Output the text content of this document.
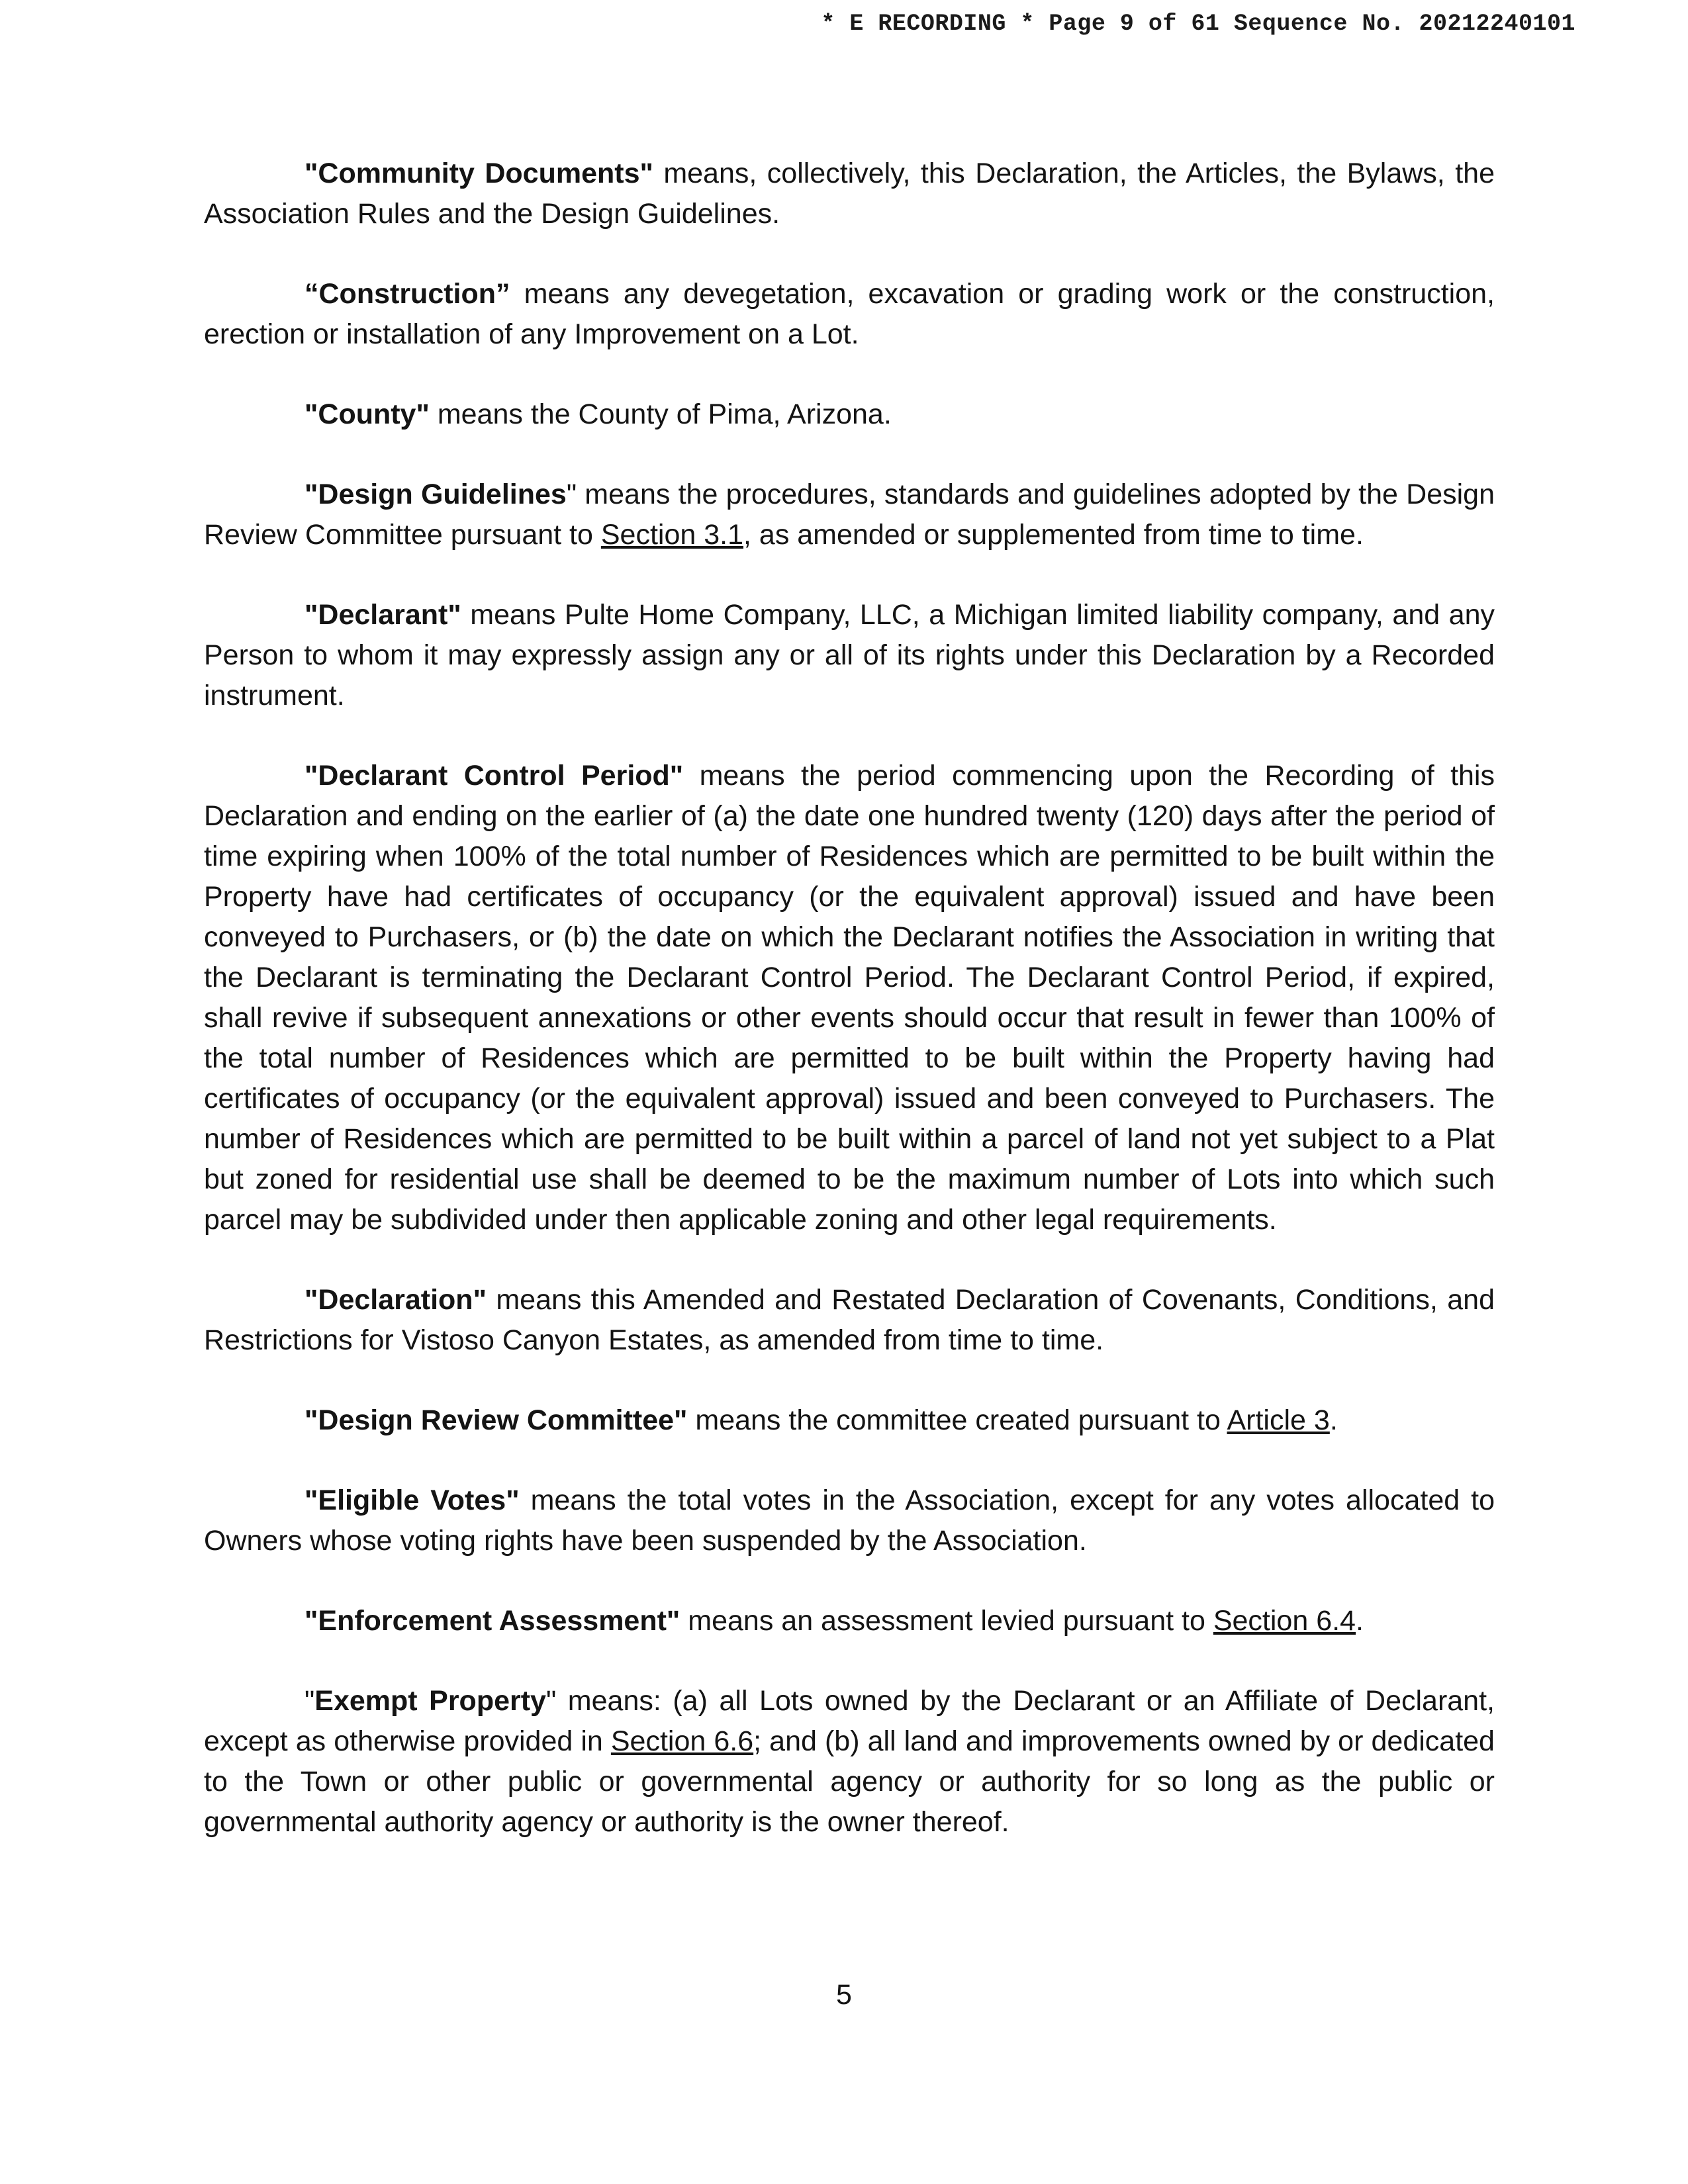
* E RECORDING * Page 9 of 61 Sequence No. 20212240101

"Community Documents" means, collectively, this Declaration, the Articles, the Bylaws, the Association Rules and the Design Guidelines.

“Construction” means any devegetation, excavation or grading work or the construction, erection or installation of any Improvement on a Lot.

"County" means the County of Pima, Arizona.

"Design Guidelines" means the procedures, standards and guidelines adopted by the Design Review Committee pursuant to Section 3.1, as amended or supplemented from time to time.

"Declarant" means Pulte Home Company, LLC, a Michigan limited liability company, and any Person to whom it may expressly assign any or all of its rights under this Declaration by a Recorded instrument.

"Declarant Control Period" means the period commencing upon the Recording of this Declaration and ending on the earlier of (a) the date one hundred twenty (120) days after the period of time expiring when 100% of the total number of Residences which are permitted to be built within the Property have had certificates of occupancy (or the equivalent approval) issued and have been conveyed to Purchasers, or (b) the date on which the Declarant notifies the Association in writing that the Declarant is terminating the Declarant Control Period. The Declarant Control Period, if expired, shall revive if subsequent annexations or other events should occur that result in fewer than 100% of the total number of Residences which are permitted to be built within the Property having had certificates of occupancy (or the equivalent approval) issued and been conveyed to Purchasers. The number of Residences which are permitted to be built within a parcel of land not yet subject to a Plat but zoned for residential use shall be deemed to be the maximum number of Lots into which such parcel may be subdivided under then applicable zoning and other legal requirements.

"Declaration" means this Amended and Restated Declaration of Covenants, Conditions, and Restrictions for Vistoso Canyon Estates, as amended from time to time.

"Design Review Committee" means the committee created pursuant to Article 3.

"Eligible Votes" means the total votes in the Association, except for any votes allocated to Owners whose voting rights have been suspended by the Association.

"Enforcement Assessment" means an assessment levied pursuant to Section 6.4.

"Exempt Property" means: (a) all Lots owned by the Declarant or an Affiliate of Declarant, except as otherwise provided in Section 6.6; and (b) all land and improvements owned by or dedicated to the Town or other public or governmental agency or authority for so long as the public or governmental authority agency or authority is the owner thereof.

5
